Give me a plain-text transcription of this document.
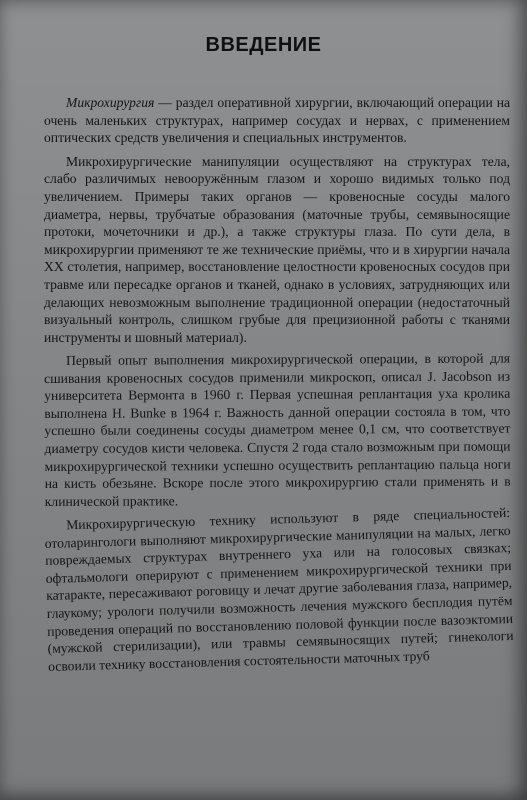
ВВЕДЕНИЕ

Микрохирургия — раздел оперативной хирургии, включающий операции на очень маленьких структурах, например сосудах и нервах, с применением оптических средств увеличения и специальных инструментов.

Микрохирургические манипуляции осуществляют на структурах тела, слабо различимых невооружённым глазом и хорошо видимых только под увеличением. Примеры таких органов — кровеносные сосуды малого диаметра, нервы, трубчатые образования (маточные трубы, семявыносящие протоки, мочеточники и др.), а также структуры глаза. По сути дела, в микрохирургии применяют те же технические приёмы, что и в хирургии начала XX столетия, например, восстановление целостности кровеносных сосудов при травме или пересадке органов и тканей, однако в условиях, затрудняющих или делающих невозможным выполнение традиционной операции (недостаточный визуальный контроль, слишком грубые для прецизионной работы с тканями инструменты и шовный материал).

Первый опыт выполнения микрохирургической операции, в которой для сшивания кровеносных сосудов применили микроскоп, описал J. Jacobson из университета Вермонта в 1960 г. Первая успешная реплантация уха кролика выполнена H. Bunke в 1964 г. Важность данной операции состояла в том, что успешно были соединены сосуды диаметром менее 0,1 см, что соответствует диаметру сосудов кисти человека. Спустя 2 года стало возможным при помощи микрохирургической техники успешно осуществить реплантацию пальца ноги на кисть обезьяне. Вскоре после этого микрохирургию стали применять и в клинической практике.

Микрохирургическую технику используют в ряде специальностей: отоларингологи выполняют микрохирургические манипуляции на малых, легко повреждаемых структурах внутреннего уха или на голосовых связках; офтальмологи оперируют с применением микрохирургической техники при катаракте, пересаживают роговицу и лечат другие заболевания глаза, например, глаукому; урологи получили возможность лечения мужского бесплодия путём проведения операций по восстановлению половой функции после вазоэктомии (мужской стерилизации), или травмы семявыносящих путей; гинекологи освоили технику восстановления состоятельности маточных труб
